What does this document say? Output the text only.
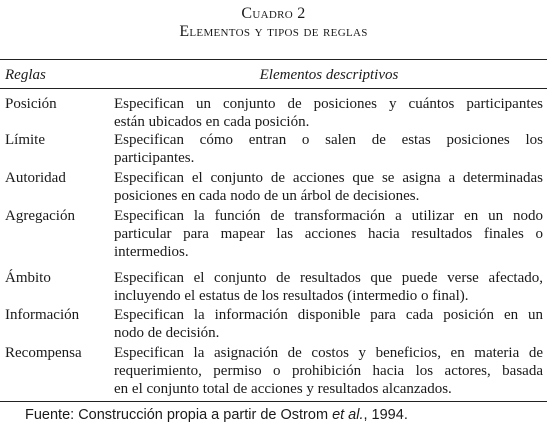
Cuadro 2
Elementos y tipos de reglas
Reglas	Elementos descriptivos
Posición	Especifican un conjunto de posiciones y cuántos participantes
están ubicados en cada posición.
Límite	Especifican cómo entran o salen de estas posiciones los
participantes.
Autoridad	Especifican el conjunto de acciones que se asigna a determinadas
posiciones en cada nodo de un árbol de decisiones.
Agregación	Especifican la función de transformación a utilizar en un nodo
particular para mapear las acciones hacia resultados finales o
intermedios.
Ámbito	Especifican el conjunto de resultados que puede verse afectado,
incluyendo el estatus de los resultados (intermedio o final).
Información Especifican la información disponible para cada posición en un
nodo de decisión.
Recompensa Especifican la asignación de costos y beneficios, en materia de
requerimiento, permiso o prohibición hacia los actores, basada
en el conjunto total de acciones y resultados alcanzados.
Fuente: Construcción propia a partir de Ostrom et al., 1994.
